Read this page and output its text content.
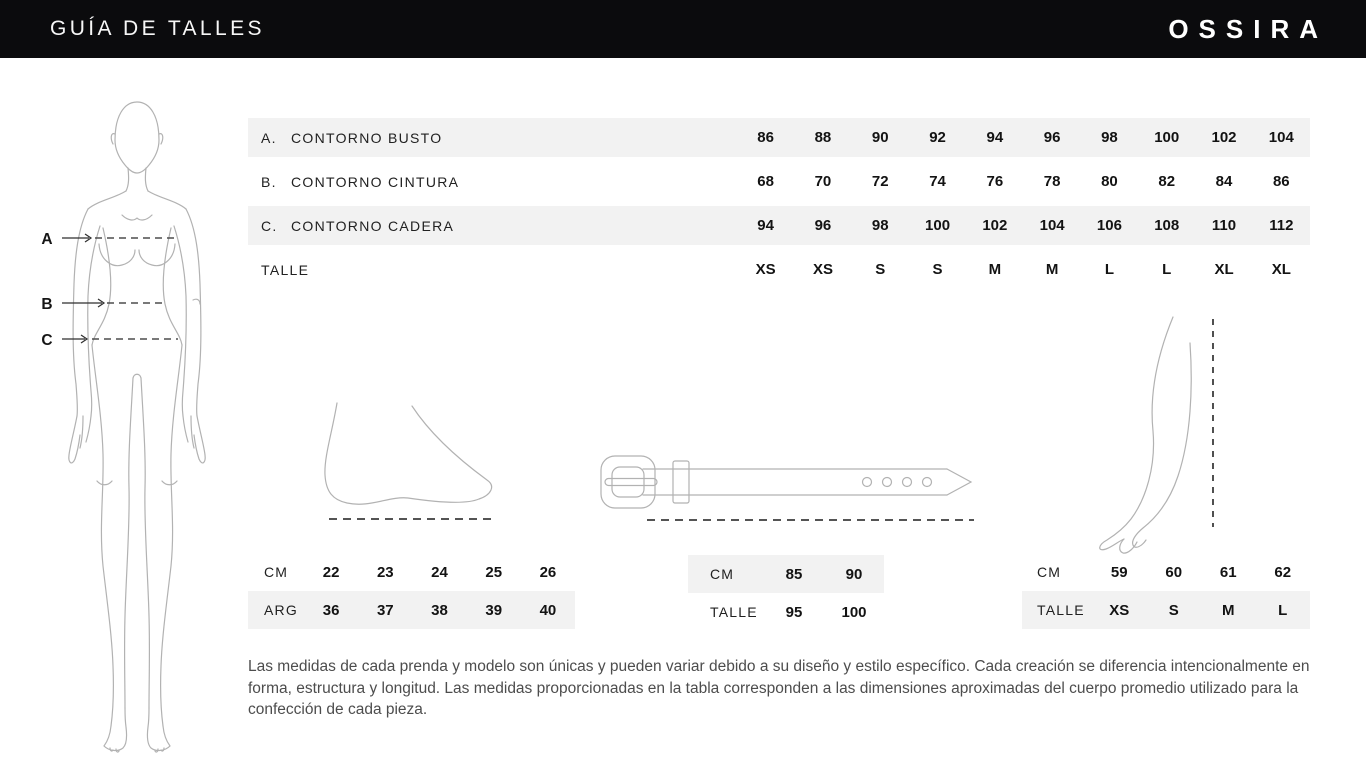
GUÍA DE TALLES	OSSIRA
A
B
C
A.	CONTORNO BUSTO	86	88	90	92	94	96	98	100	102	104
B.	CONTORNO CINTURA	68	70	72	74	76	78	80	82	84	86
C. CONTORNO CADERA	94	96	98	100	102	104	106	108	110	112
TALLE	XS	XS	S	S	M	M	L	L	XL	XL
CM	22	23	24	25	26
ARG	36	37	38	39	40
CM	85	90
TALLE	95	100
CM	59	60	61	62
TALLE	XS	S	M	L

Las medidas de cada prenda y modelo son únicas y pueden variar debido a su diseño y estilo específico. Cada creación se diferencia intencionalmente en forma, estructura y longitud. Las medidas proporcionadas en la tabla corresponden a las dimensiones aproximadas del cuerpo promedio utilizado para la confección de cada pieza.
